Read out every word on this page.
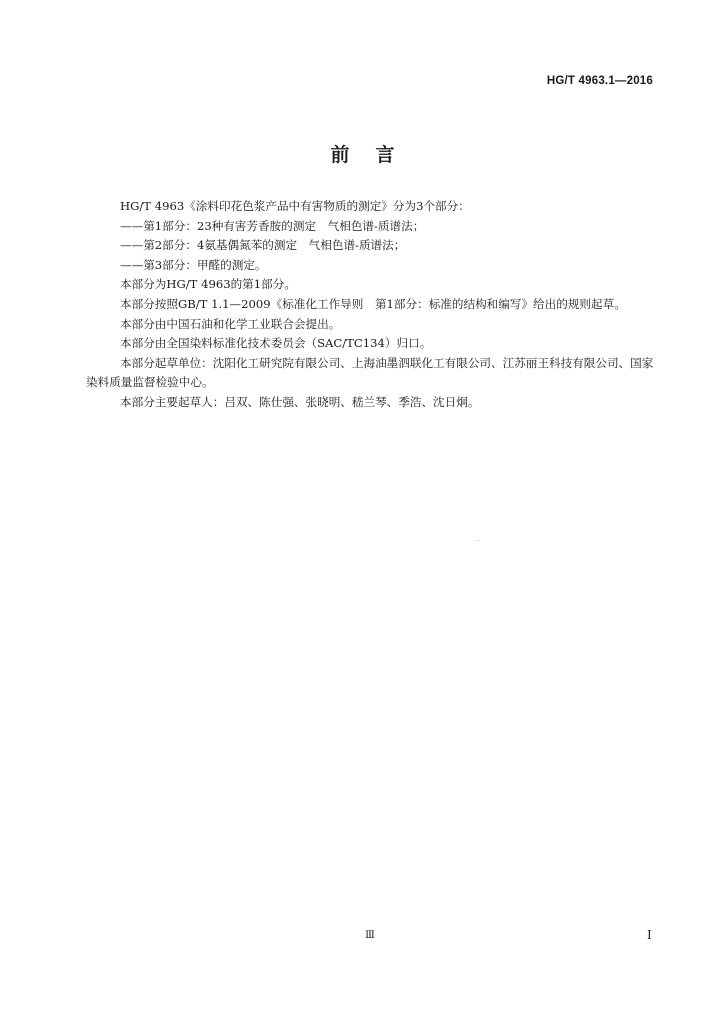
HG/T 4963.1—2016
前言

HG/T 4963《涂料印花色浆产品中有害物质的测定》分为3个部分：

——第1部分：23种有害芳香胺的测定　气相色谱-质谱法；

——第2部分：4氨基偶氮苯的测定　气相色谱-质谱法；

——第3部分：甲醛的测定。

本部分为HG/T 4963的第1部分。

本部分按照GB/T 1.1—2009《标准化工作导则　第1部分：标准的结构和编写》给出的规则起草。

本部分由中国石油和化学工业联合会提出。

本部分由全国染料标准化技术委员会（SAC/TC134）归口。

本部分起草单位：沈阳化工研究院有限公司、上海油墨泗联化工有限公司、江苏丽王科技有限公司、国家染料质量监督检验中心。

本部分主要起草人：吕双、陈仕强、张晓明、嵇兰琴、季浩、沈日炯。

Ⅲ	I
